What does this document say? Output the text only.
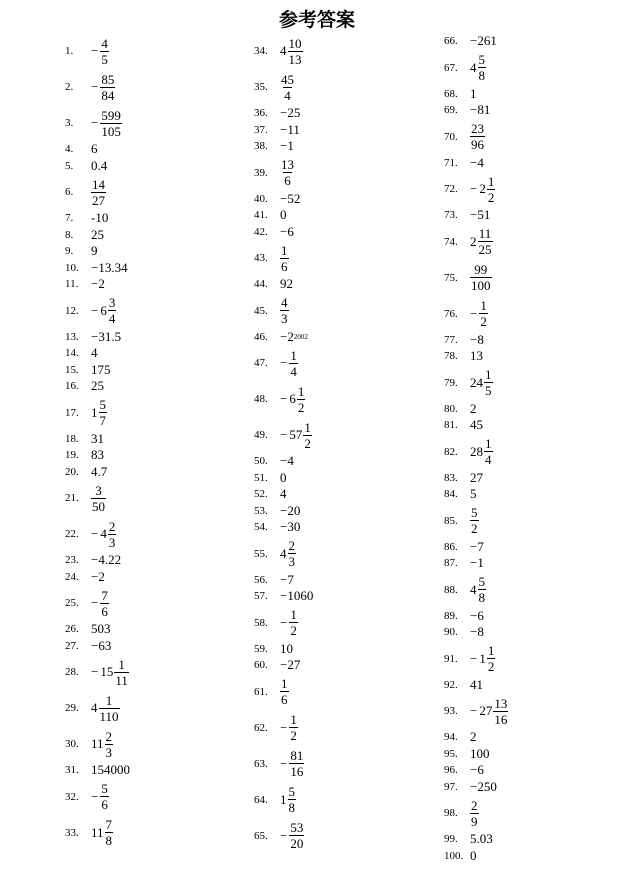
参考答案
1.	− $\frac{4}{5}$
2.	− $\frac{85}{84}$
3.	− $\frac{599}{105}$
4.	6
5.	0.4
6.	$\frac{14}{27}$
7.	-10
8.	25
9.	9
10. −13.34
11. −2
12. − $6 \frac{3}{4}$
13. −31.5
14. 4
15. 175
16. 25
17. $1 \frac{5}{7}$
18. 31
19. 83
20. 4.7
21. $\frac{3}{50}$
22. − $4 \frac{2}{3}$
23. −4.22
24. −2
25. − $\frac{7}{6}$
26. 503
27. −63
28. − $15 \frac{1}{11}$
29. $4 \frac{1}{110}$
30. $11 \frac{2}{3}$
31. 154000
32. − $\frac{5}{6}$
33. $11 \frac{7}{8}$
34. $4 \frac{10}{13}$
35. $\frac{45}{4}$
36. −25
37. −11
38. −1
39. $\frac{13}{6}$
40. −52
41. 0
42. −6
43. $\frac{1}{6}$
44. 92
45. $\frac{4}{3}$
46. −2 2002
47. − $\frac{1}{4}$
48. − $6 \frac{1}{2}$
49. − $57 \frac{1}{2}$
50. −4
51. 0
52. 4
53. −20
54. −30
55. $4 \frac{2}{3}$
56. −7
57. −1060
58. − $\frac{1}{2}$
59. 10
60. −27
61. $\frac{1}{6}$
62. − $\frac{1}{2}$
63. − $\frac{81}{16}$
64. $1 \frac{5}{8}$
65. − $\frac{53}{20}$
66. −261
67. $4 \frac{5}{8}$
68. 1
69. −81
70. $\frac{23}{96}$
71. −4
72. − $2 \frac{1}{2}$
73. −51
74. $2 \frac{11}{25}$
75. $\frac{99}{100}$
76. − $\frac{1}{2}$
77. −8
78. 13
79. $24 \frac{1}{5}$
80. 2
81. 45
82. $28 \frac{1}{4}$
83. 27
84. 5
85. $\frac{5}{2}$
86. −7
87. −1
88. $4 \frac{5}{8}$
89. −6
90. −8
91. − $1 \frac{1}{2}$
92. 41
93. − $27 \frac{13}{16}$
94. 2
95. 100
96. −6
97. −250
98. $\frac{2}{9}$
99. 5.03
100. 0
